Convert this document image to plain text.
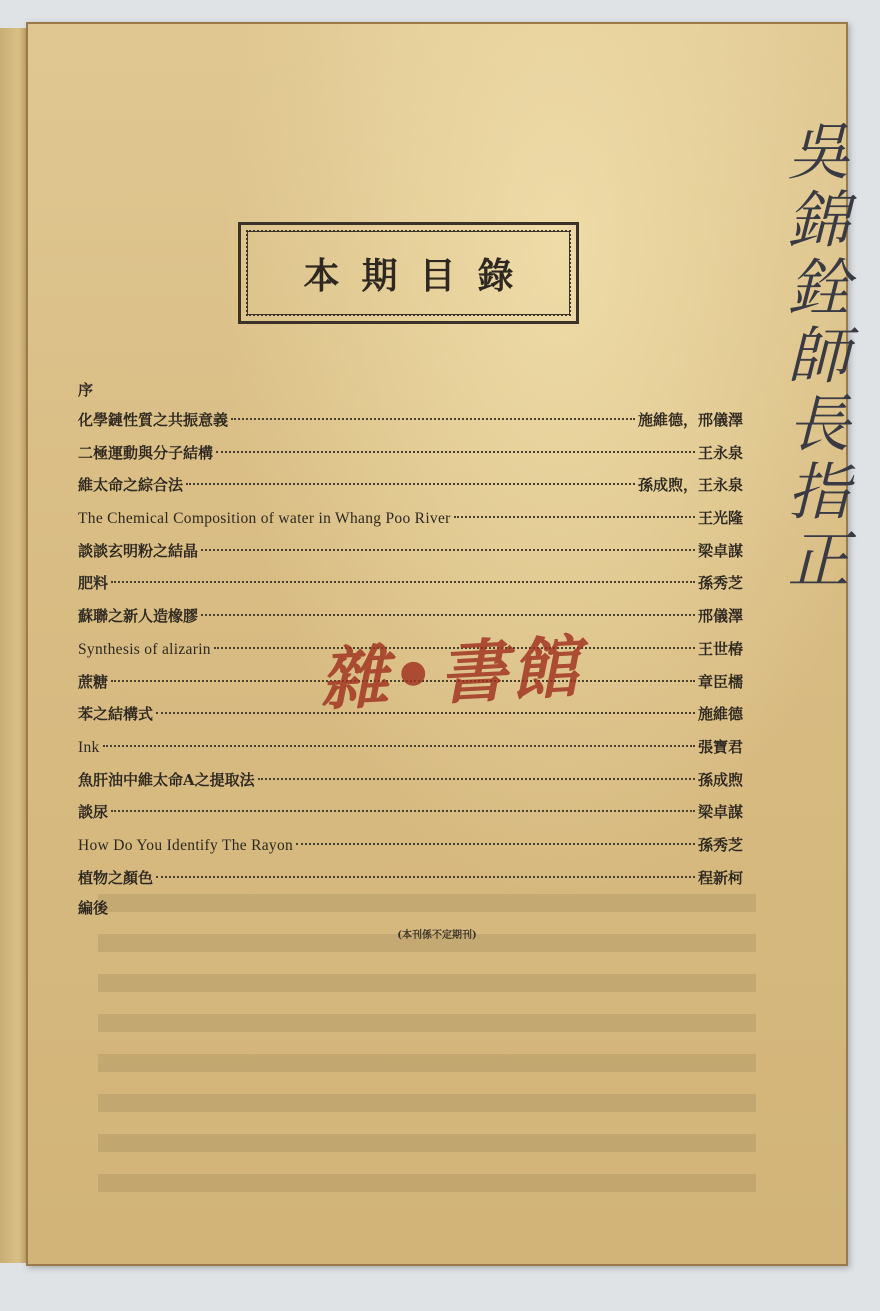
本期目錄
序
化學鏈性質之共振意義	施維德，邢儀澤
二極運動與分子結構	王永泉
維太命之綜合法	孫成煦，王永泉
The Chemical Composition of water in Whang Poo River	王光隆
談談玄明粉之結晶	梁卓謀
肥料	孫秀芝
蘇聯之新人造橡膠	邢儀澤
Synthesis of alizarin	王世椿
蔗糖	章臣檽
苯之結構式	施維德
Ink	張寶君
魚肝油中維太命A之提取法	孫成煦
談尿	梁卓謀
How Do You Identify The Rayon	孫秀芝
植物之顏色	程新柯
編後
(本刊係不定期刊)
雜•書館
吳錦銓師長指正
